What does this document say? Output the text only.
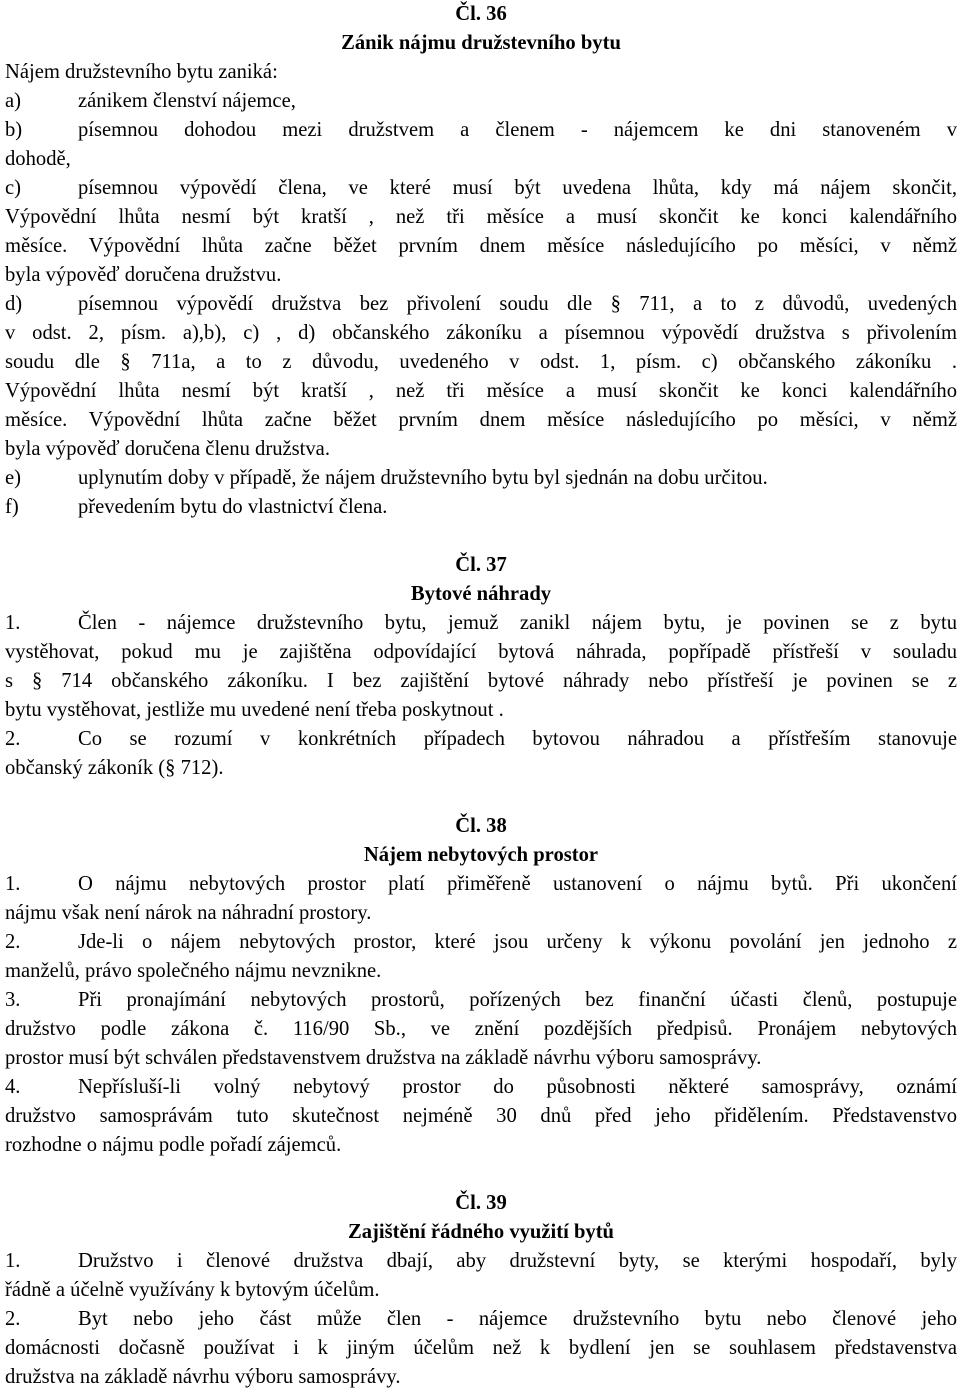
Čl. 36
Zánik nájmu družstevního bytu
Nájem družstevního bytu zaniká:
a)	zánikem členství nájemce,
b)	písemnou dohodou mezi družstvem a členem - nájemcem ke dni stanoveném v
dohodě,
c)	písemnou výpovědí člena, ve které musí být uvedena lhůta, kdy má nájem skončit,
Výpovědní lhůta nesmí být kratší , než tři měsíce a musí skončit ke konci kalendářního
měsíce. Výpovědní lhůta začne běžet prvním dnem měsíce následujícího po měsíci, v němž
byla výpověď doručena družstvu.
d)	písemnou výpovědí družstva bez přivolení soudu dle § 711, a to z důvodů, uvedených
v odst. 2, písm. a),b), c) , d) občanského zákoníku a písemnou výpovědí družstva s přivolením
soudu dle § 711a, a to z důvodu, uvedeného v odst. 1, písm. c) občanského zákoníku .
Výpovědní lhůta nesmí být kratší , než tři měsíce a musí skončit ke konci kalendářního
měsíce. Výpovědní lhůta začne běžet prvním dnem měsíce následujícího po měsíci, v němž
byla výpověď doručena členu družstva.
e)	uplynutím doby v případě, že nájem družstevního bytu byl sjednán na dobu určitou.
f)	převedením bytu do vlastnictví člena.
Čl. 37
Bytové náhrady
1.	Člen - nájemce družstevního bytu, jemuž zanikl nájem bytu, je povinen se z bytu
vystěhovat, pokud mu je zajištěna odpovídající bytová náhrada, popřípadě přístřeší v souladu
s § 714 občanského zákoníku. I bez zajištění bytové náhrady nebo přístřeší je povinen se z
bytu vystěhovat, jestliže mu uvedené není třeba poskytnout .
2.	Co se rozumí v konkrétních případech bytovou náhradou a přístřeším stanovuje
občanský zákoník (§ 712).
Čl. 38
Nájem nebytových prostor
1.	O nájmu nebytových prostor platí přiměřeně ustanovení o nájmu bytů. Při ukončení
nájmu však není nárok na náhradní prostory.
2.	Jde-li o nájem nebytových prostor, které jsou určeny k výkonu povolání jen jednoho z
manželů, právo společného nájmu nevznikne.
3.	Při pronajímání nebytových prostorů, pořízených bez finanční účasti členů, postupuje
družstvo podle zákona č. 116/90 Sb., ve znění pozdějších předpisů. Pronájem nebytových
prostor musí být schválen představenstvem družstva na základě návrhu výboru samosprávy.
4.	Nepřísluší-li volný nebytový prostor do působnosti některé samosprávy, oznámí
družstvo samosprávám tuto skutečnost nejméně 30 dnů před jeho přidělením. Představenstvo
rozhodne o nájmu podle pořadí zájemců.
Čl. 39
Zajištění řádného využití bytů
1.	Družstvo i členové družstva dbají, aby družstevní byty, se kterými hospodaří, byly
řádně a účelně využívány k bytovým účelům.
2.	Byt nebo jeho část může člen - nájemce družstevního bytu nebo členové jeho
domácnosti dočasně používat i k jiným účelům než k bydlení jen se souhlasem představenstva
družstva na základě návrhu výboru samosprávy.
